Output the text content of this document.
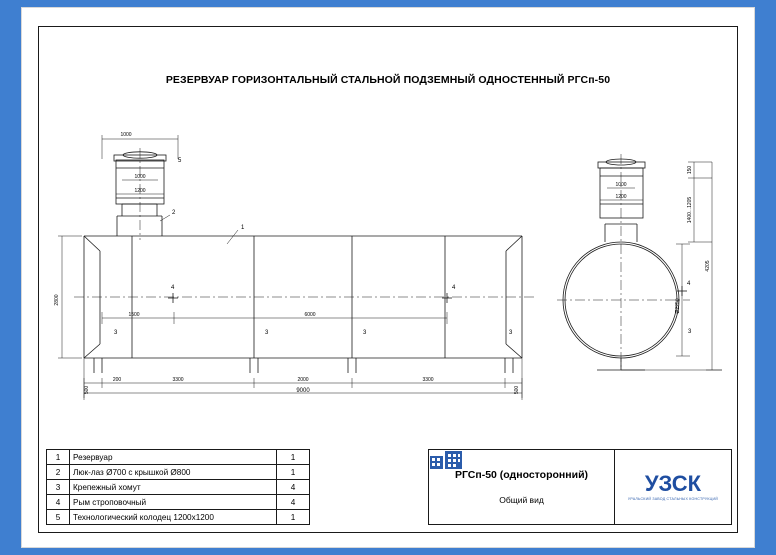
РЕЗЕРВУАР ГОРИЗОНТАЛЬНЫЙ СТАЛЬНОЙ ПОДЗЕМНЫЙ ОДНОСТЕННЫЙ РГСп-50
1000
1000
1200
2800
1500	6000
500
200	3300	2000	3300
500
9000
1
2
3	3	3	3
4	4
5
1000
1200
150
1400...1205
4205
Ø2250
3
4
1	Резервуар	1
2	Люк-лаз Ø700 с крышкой Ø800	1
3	Крепежный хомут	4
4	Рым строповочный	4
5	Технологический колодец 1200х1200	1
РГСп-50 (односторонний)
Общий вид
УЗСК
УРАЛЬСКИЙ ЗАВОД СТАЛЬНЫХ КОНСТРУКЦИЙ
